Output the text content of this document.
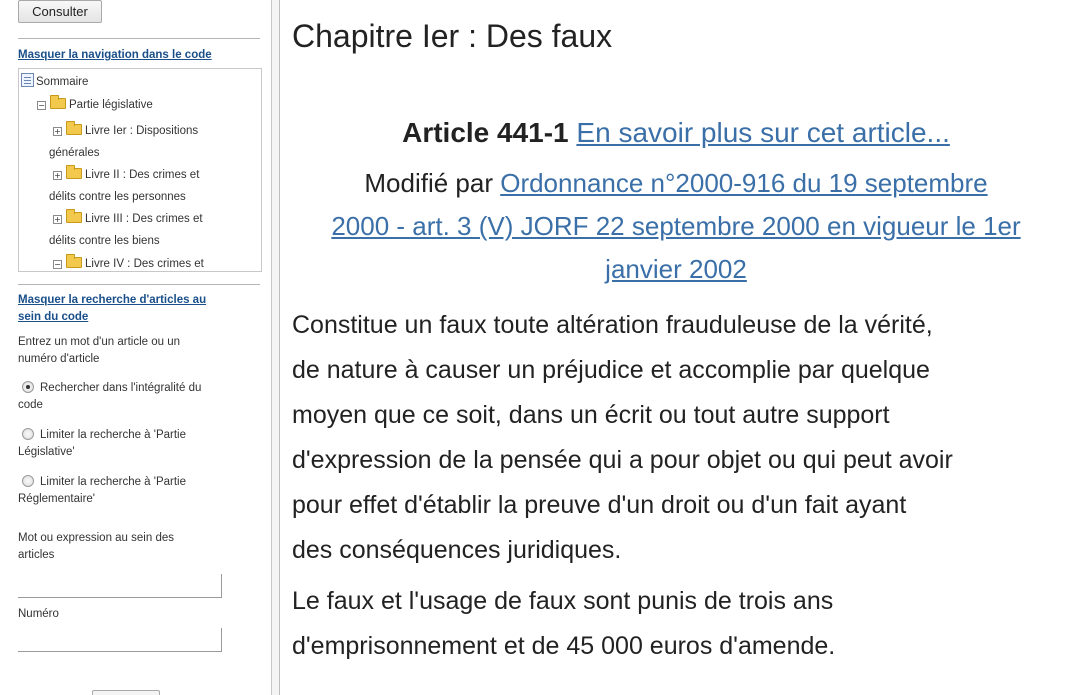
Consulter
Masquer la navigation dans le code
Sommaire
− Partie législative
+ Livre Ier : Dispositions
générales
+ Livre II : Des crimes et
délits contre les personnes
+ Livre III : Des crimes et
délits contre les biens
− Livre IV : Des crimes et
Masquer la recherche d'articles au
sein du code
Entrez un mot d'un article ou un
numéro d'article
Rechercher dans l'intégralité du
code
Limiter la recherche à 'Partie
Législative'
Limiter la recherche à 'Partie
Réglementaire'
Mot ou expression au sein des
articles
Numéro
Chapitre Ier : Des faux
Article 441-1 En savoir plus sur cet article...
Modifié par Ordonnance n°2000-916 du 19 septembre
2000 - art. 3 (V) JORF 22 septembre 2000 en vigueur le 1er
janvier 2002
Constitue un faux toute altération frauduleuse de la vérité,
de nature à causer un préjudice et accomplie par quelque
moyen que ce soit, dans un écrit ou tout autre support
d'expression de la pensée qui a pour objet ou qui peut avoir
pour effet d'établir la preuve d'un droit ou d'un fait ayant
des conséquences juridiques.
Le faux et l'usage de faux sont punis de trois ans
d'emprisonnement et de 45 000 euros d'amende.
